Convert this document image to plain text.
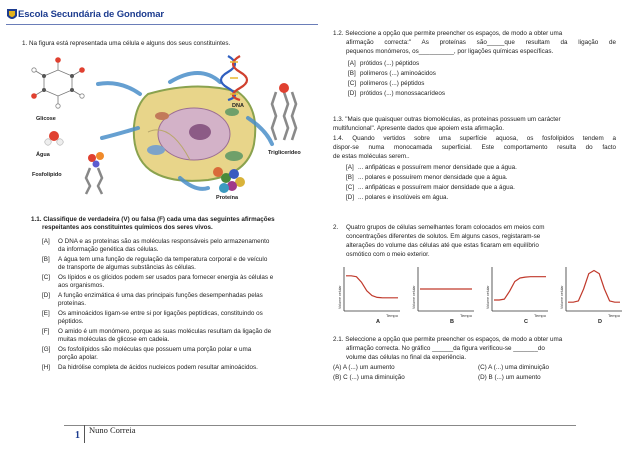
Escola Secundária de Gondomar
1. Na figura está representada uma célula e alguns dos seus constituintes.
Glicose
Água
Fosfolípido
DNA
Triglicerídeo
Proteína
1.1. Classifique de verdadeira (V) ou falsa (F) cada uma das seguintes afirmações
respeitantes aos constituintes químicos dos seres vivos.
[A] O DNA e as proteínas são as moléculas responsáveis pelo armazenamento
da informação genética das células.
[B] A água tem uma função de regulação da temperatura corporal e de veículo
de transporte de algumas substâncias às células.
[C] Os lípidos e os glícidos podem ser usados para fornecer energia às células e
aos organismos.
[D] A função enzimática é uma das principais funções desempenhadas pelas
proteínas.
[E] Os aminoácidos ligam-se entre si por ligações peptídicas, constituindo os
péptidos.
[F] O amido é um monómero, porque as suas moléculas resultam da ligação de
muitas moléculas de glicose em cadeia.
[G] Os fosfolípidos são moléculas que possuem uma porção polar e uma
porção apolar.
[H] Da hidrólise completa de ácidos nucleicos podem resultar aminoácidos.
1.2. Seleccione a opção que permite preencher os espaços, de modo a obter uma
afirmação correcta:" As proteínas são_____que resultam da ligação de
pequenos monómeros, os__________, por ligações químicas específicas.
[A] prótidos (...) péptidos
[B] polímeros (...) aminoácidos
[C] polímeros (...) péptidos
[D] prótidos (...) monossacarídeos
1.3. "Mais que quaisquer outras biomoléculas, as proteínas possuem um carácter
multifuncional". Apresente dados que apoiem esta afirmação.
1.4. Quando vertidos sobre uma superfície aquosa, os fosfolípidos tendem a
dispor-se numa monocamada superficial. Este comportamento resulta do facto
de estas moléculas serem..
[A] ... anfipáticas e possuírem menor densidade que a água.
[B] ... polares e possuírem menor densidade que a água.
[C] ... anfipáticas e possuírem maior densidade que a água.
[D] ... polares e insolúveis em água.
2. Quatro grupos de células semelhantes foram colocados em meios com
concentrações diferentes de solutos. Em alguns casos, registaram-se
alterações do volume das células até que estas ficaram em equilíbrio
osmótico com o meio exterior.
Volume celular
Tempo
A
Volume celular
Tempo
B
Volume celular
Tempo
C
Volume celular
Tempo
D
2.1. Seleccione a opção que permite preencher os espaços, de modo a obter uma
afirmação correcta. No gráfico ______da figura verificou-se _______do
volume das células no final da experiência.
(A) A (...) um aumento
(B) C (...) uma diminuição
(C) A (...) uma diminuição
(D) B (...) um aumento
1 Nuno Correia
